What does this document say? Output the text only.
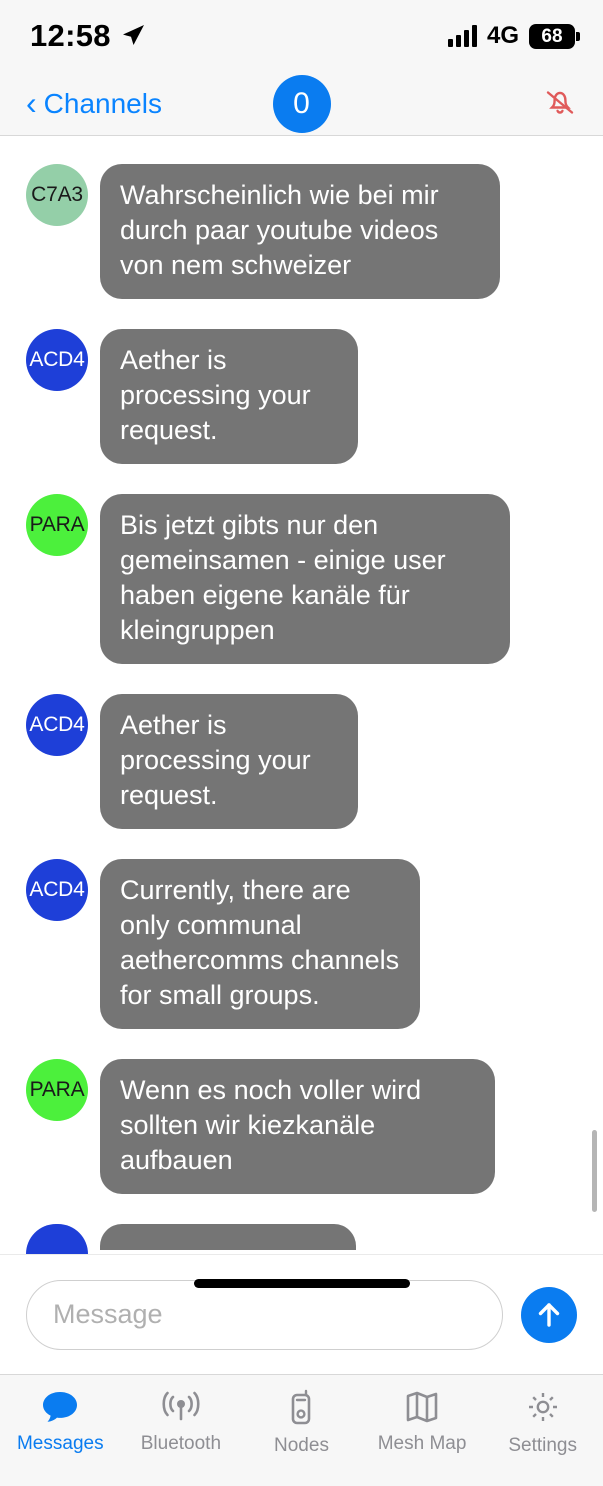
12:58	4G 68
‹ Channels	0
C7A3	Wahrscheinlich wie bei mir durch paar youtube videos von nem schweizer
ACD4	Aether is processing your request.
PARA	Bis jetzt gibts nur den gemeinsamen - einige user haben eigene kanäle für kleingruppen
ACD4	Aether is processing your request.
ACD4	Currently, there are only communal aethercomms channels for small groups.
PARA	Wenn es noch voller wird sollten wir kiezkanäle aufbauen
Message
Messages Bluetooth	Nodes	Mesh Map Settings
